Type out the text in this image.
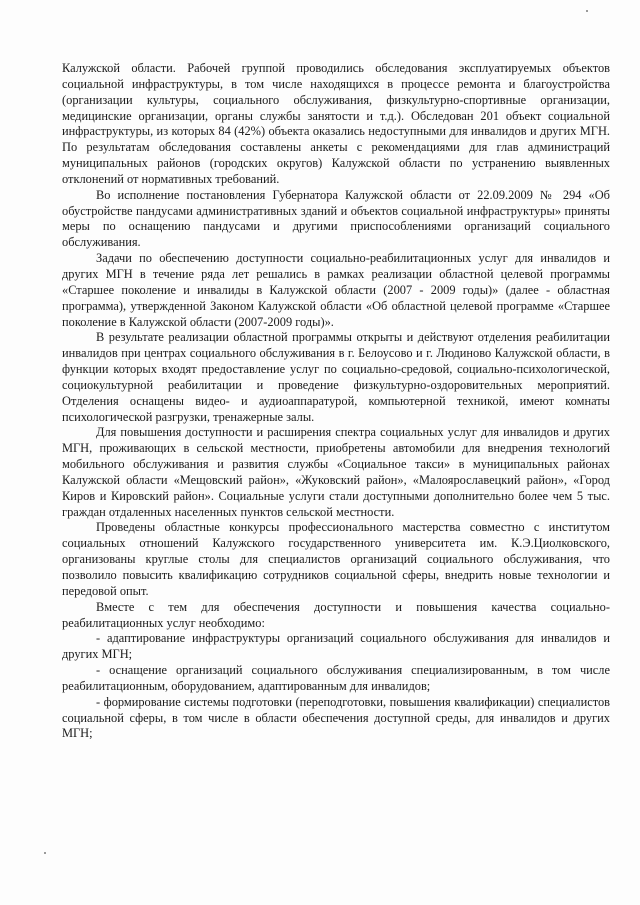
Калужской области. Рабочей группой проводились обследования эксплуатируемых объектов социальной инфраструктуры, в том числе находящихся в процессе ремонта и благоустройства (организации культуры, социального обслуживания, физкультурно-спортивные организации, медицинские организации, органы службы занятости и т.д.). Обследован 201 объект социальной инфраструктуры, из которых 84 (42%) объекта оказались недоступными для инвалидов и других МГН. По результатам обследования составлены анкеты с рекомендациями для глав администраций муниципальных районов (городских округов) Калужской области по устранению выявленных отклонений от нормативных требований.

Во исполнение постановления Губернатора Калужской области от 22.09.2009 № 294 «Об обустройстве пандусами административных зданий и объектов социальной инфраструктуры» приняты меры по оснащению пандусами и другими приспособлениями организаций социального обслуживания.

Задачи по обеспечению доступности социально-реабилитационных услуг для инвалидов и других МГН в течение ряда лет решались в рамках реализации областной целевой программы «Старшее поколение и инвалиды в Калужской области (2007 - 2009 годы)» (далее - областная программа), утвержденной Законом Калужской области «Об областной целевой программе «Старшее поколение в Калужской области (2007-2009 годы)».

В результате реализации областной программы открыты и действуют отделения реабилитации инвалидов при центрах социального обслуживания в г. Белоусово и г. Людиново Калужской области, в функции которых входят предоставление услуг по социально-средовой, социально-психологической, социокультурной реабилитации и проведение физкультурно-оздоровительных мероприятий. Отделения оснащены видео- и аудиоаппаратурой, компьютерной техникой, имеют комнаты психологической разгрузки, тренажерные залы.

Для повышения доступности и расширения спектра социальных услуг для инвалидов и других МГН, проживающих в сельской местности, приобретены автомобили для внедрения технологий мобильного обслуживания и развития службы «Социальное такси» в муниципальных районах Калужской области «Мещовский район», «Жуковский район», «Малоярославецкий район», «Город Киров и Кировский район». Социальные услуги стали доступными дополнительно более чем 5 тыс. граждан отдаленных населенных пунктов сельской местности.

Проведены областные конкурсы профессионального мастерства совместно с институтом социальных отношений Калужского государственного университета им. К.Э.Циолковского, организованы круглые столы для специалистов организаций социального обслуживания, что позволило повысить квалификацию сотрудников социальной сферы, внедрить новые технологии и передовой опыт.

Вместе с тем для обеспечения доступности и повышения качества социально-реабилитационных услуг необходимо:

- адаптирование инфраструктуры организаций социального обслуживания для инвалидов и других МГН;

- оснащение организаций социального обслуживания специализированным, в том числе реабилитационным, оборудованием, адаптированным для инвалидов;

- формирование системы подготовки (переподготовки, повышения квалификации) специалистов социальной сферы, в том числе в области обеспечения доступной среды, для инвалидов и других МГН;
